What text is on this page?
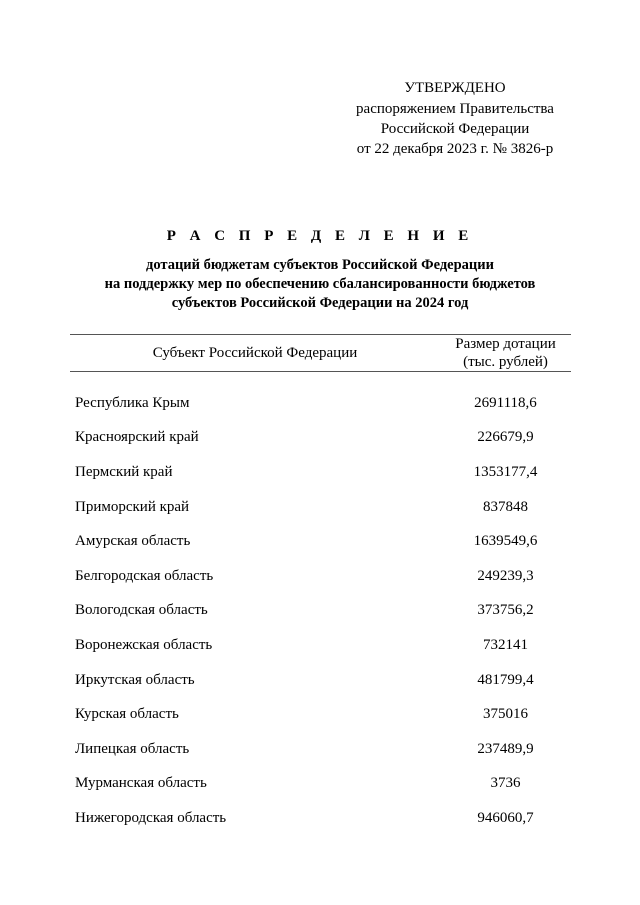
УТВЕРЖДЕНО
распоряжением Правительства
Российской Федерации
от 22 декабря 2023 г. № 3826-р
Р А С П Р Е Д Е Л Е Н И Е
дотаций бюджетам субъектов Российской Федерации
на поддержку мер по обеспечению сбалансированности бюджетов
субъектов Российской Федерации на 2024 год
Субъект Российской Федерации	Размер дотации
(тыс. рублей)

Республика Крым	2691118,6
Красноярский край	226679,9
Пермский край	1353177,4
Приморский край	837848
Амурская область	1639549,6
Белгородская область	249239,3
Вологодская область	373756,2
Воронежская область	732141
Иркутская область	481799,4
Курская область	375016
Липецкая область	237489,9
Мурманская область	3736
Нижегородская область	946060,7
